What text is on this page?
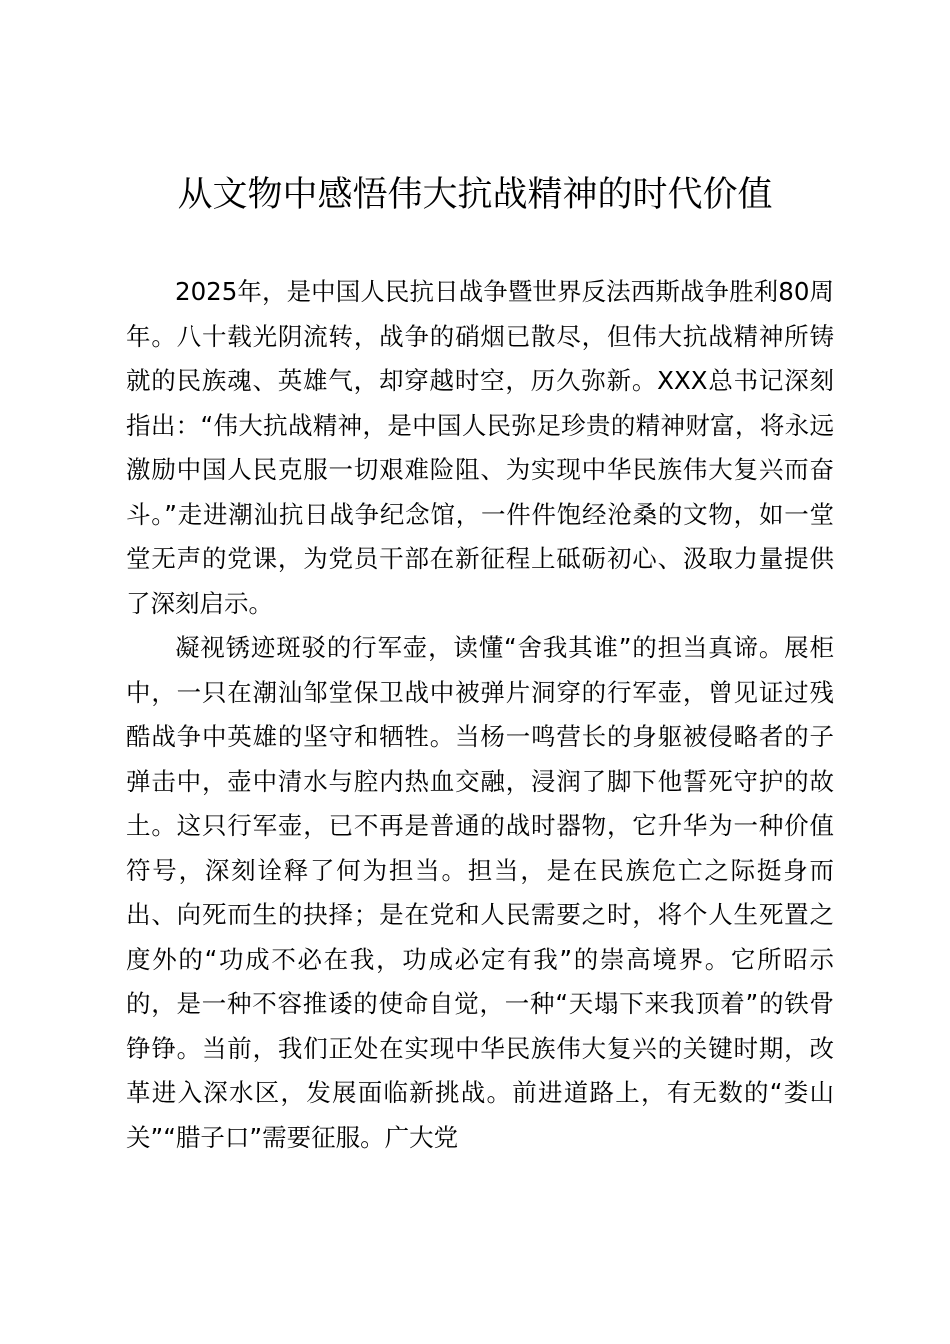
从文物中感悟伟大抗战精神的时代价值

2025年，是中国人民抗日战争暨世界反法西斯战争胜利80周年。八十载光阴流转，战争的硝烟已散尽，但伟大抗战精神所铸就的民族魂、英雄气，却穿越时空，历久弥新。XXX总书记深刻指出：“伟大抗战精神，是中国人民弥足珍贵的精神财富，将永远激励中国人民克服一切艰难险阻、为实现中华民族伟大复兴而奋斗。”走进潮汕抗日战争纪念馆，一件件饱经沧桑的文物，如一堂堂无声的党课，为党员干部在新征程上砥砺初心、汲取力量提供了深刻启示。

凝视锈迹斑驳的行军壶，读懂“舍我其谁”的担当真谛。展柜中，一只在潮汕邹堂保卫战中被弹片洞穿的行军壶，曾见证过残酷战争中英雄的坚守和牺牲。当杨一鸣营长的身躯被侵略者的子弹击中，壶中清水与腔内热血交融，浸润了脚下他誓死守护的故土。这只行军壶，已不再是普通的战时器物，它升华为一种价值符号，深刻诠释了何为担当。担当，是在民族危亡之际挺身而出、向死而生的抉择；是在党和人民需要之时，将个人生死置之度外的“功成不必在我，功成必定有我”的崇高境界。它所昭示的，是一种不容推诿的使命自觉，一种“天塌下来我顶着”的铁骨铮铮。当前，我们正处在实现中华民族伟大复兴的关键时期，改革进入深水区，发展面临新挑战。前进道路上，有无数的“娄山关”“腊子口”需要征服。广大党
